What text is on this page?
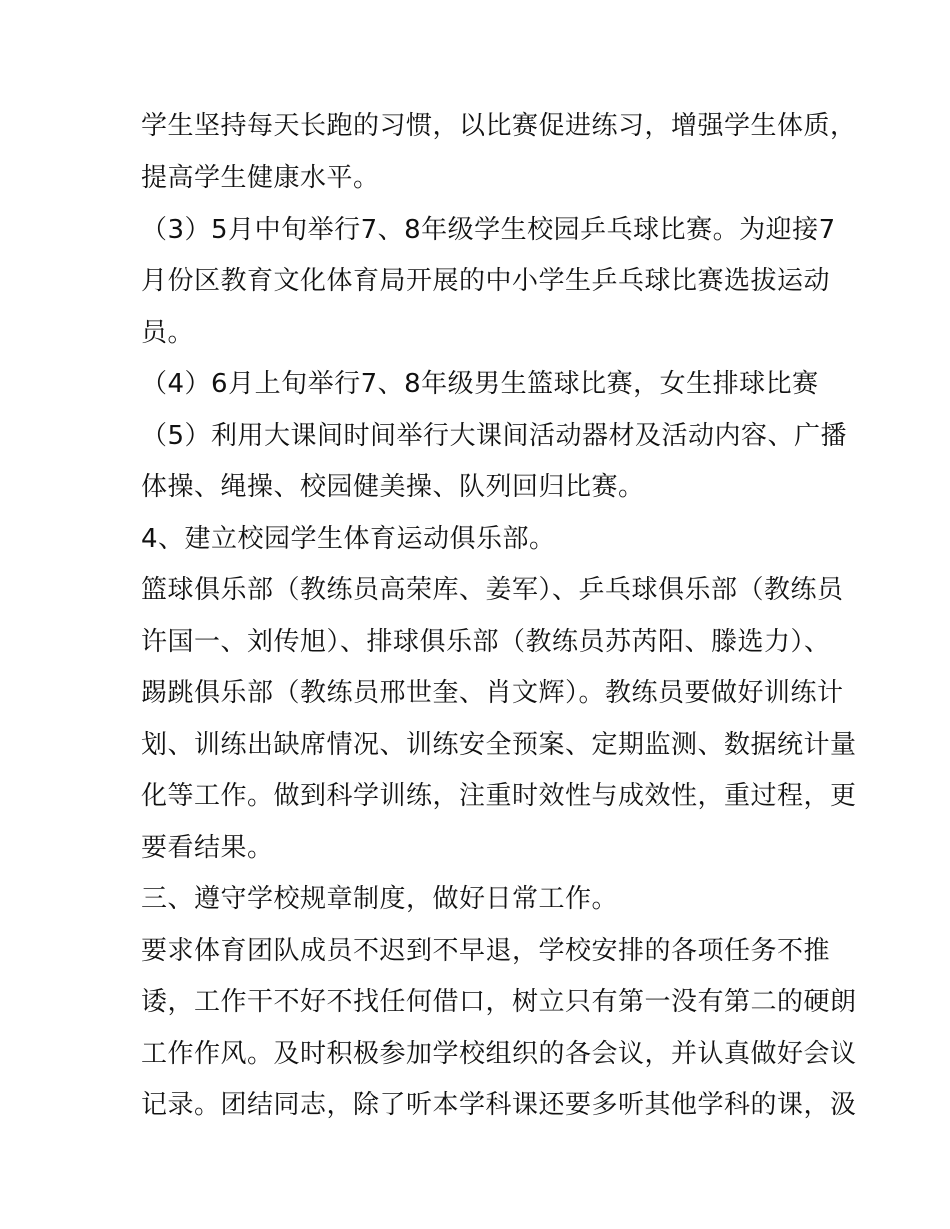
学生坚持每天长跑的习惯，以比赛促进练习，增强学生体质，
提高学生健康水平。
（3）5月中旬举行7、8年级学生校园乒乓球比赛。为迎接7
月份区教育文化体育局开展的中小学生乒乓球比赛选拔运动
员。
（4）6月上旬举行7、8年级男生篮球比赛，女生排球比赛
（5）利用大课间时间举行大课间活动器材及活动内容、广播
体操、绳操、校园健美操、队列回归比赛。
4、建立校园学生体育运动俱乐部。
篮球俱乐部（教练员高荣库、姜军）、乒乓球俱乐部（教练员
许国一、刘传旭）、排球俱乐部（教练员苏芮阳、滕选力）、
踢跳俱乐部（教练员邢世奎、肖文辉）。教练员要做好训练计
划、训练出缺席情况、训练安全预案、定期监测、数据统计量
化等工作。做到科学训练，注重时效性与成效性，重过程，更
要看结果。
三、遵守学校规章制度，做好日常工作。
要求体育团队成员不迟到不早退，学校安排的各项任务不推
诿，工作干不好不找任何借口，树立只有第一没有第二的硬朗
工作作风。及时积极参加学校组织的各会议，并认真做好会议
记录。团结同志，除了听本学科课还要多听其他学科的课，汲
